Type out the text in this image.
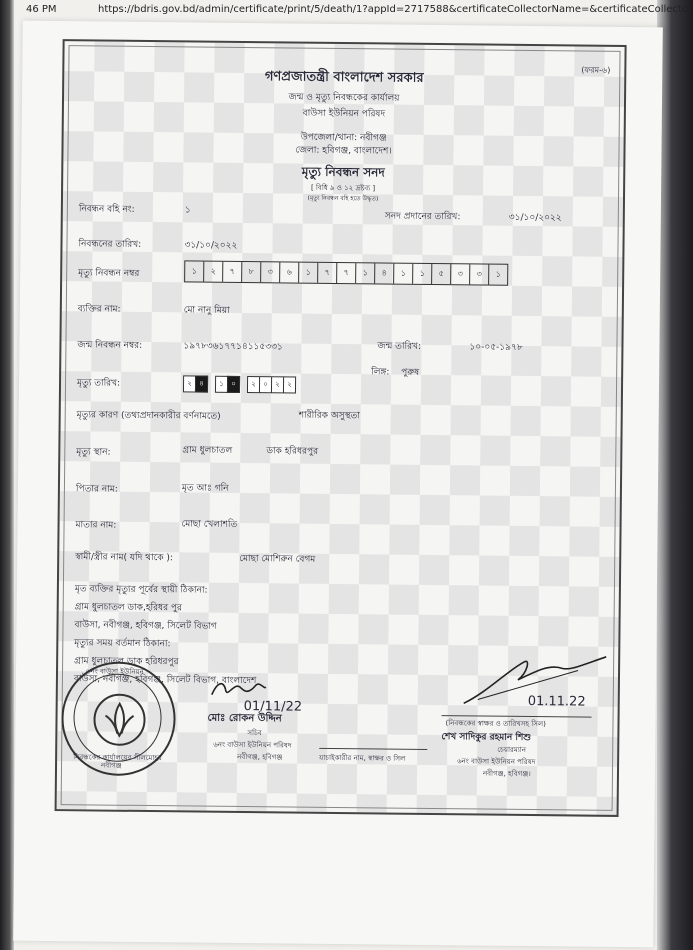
46 PM	https://bdris.gov.bd/admin/certificate/print/5/death/1?appId=2717588&certificateCollectorName=&certificateCollector
(ফরম-৬)
গণপ্রজাতন্ত্রী বাংলাদেশ সরকার
জন্ম ও মৃত্যু নিবন্ধকের কার্যালয়
বাউসা ইউনিয়ন পরিষদ
উপজেলা/থানা: নবীগঞ্জ
জেলা: হবিগঞ্জ, বাংলাদেশ।
মৃত্যু নিবন্ধন সনদ
[ বিধি ৯ ও ১২ দ্রষ্টব্য ]
(মৃত্যু নিবন্ধন বহি হতে উদ্ধৃত)
নিবন্ধন বহি নং:	১
সনদ প্রদানের তারিখ:	৩১/১০/২০২২
নিবন্ধনের তারিখ:	৩১/১০/২০২২
মৃত্যু নিবন্ধন নম্বর	১	২	৭	৮	৩	৬	১	৭	৭	১	৪	১	১	৫	৩	৩	১
ব্যক্তির নাম:	মো নানু মিয়া
জন্ম নিবন্ধন নম্বর:	১৯৭৮৩৬১৭৭১৪১১৫৩৩১	জন্ম তারিখ:	১০-০৫-১৯৭৮
মৃত্যু তারিখ:	২	৪	১	০	২	০	২	২
লিঙ্গ: পুরুষ
মৃত্যুর কারণ (তথ্যপ্রদানকারীর বর্ণনামতে)	শারীরিক অসুস্থতা
মৃত্যু স্থান:	গ্রাম ধুলচাতল	ডাক হরিধরপুর
পিতার নাম:	মৃত আঃ গনি
মাতার নাম:	মোছা খেলাশতি
স্বামী/স্ত্রীর নাম( যদি থাকে ):	মোছা মোশিরুন বেগম
মৃত ব্যক্তির মৃত্যুর পূর্বের স্থায়ী ঠিকানা:
গ্রাম ধুলচাতল ডাক,হরিধর পুর
বাউসা, নবীগঞ্জ, হবিগঞ্জ, সিলেট বিভাগ
মৃত্যুর সময় বর্তমান ঠিকানা:
গ্রাম ধুলচাতল ডাক হরিধরপুর
বাউসা, নবীগঞ্জ, হবিগঞ্জ, সিলেট বিভাগ, বাংলাদেশ
৬নং বাউসা ইউনিয়ন
নবীগঞ্জ
01/11/22
মোঃ রোকন উদ্দিন
সচিব
৬নং বাউসা ইউনিয়ন পরিষদ
নবীগঞ্জ, হবিগঞ্জ
নিবন্ধকের কার্যালয়ের সীলমোহর	যাচাইকারীর নাম, স্বাক্ষর ও সিল
01.11.22
(নিবন্ধকের স্বাক্ষর ও তারিখসহ সিল)
শেখ সাদিকুর রহমান শিশু
চেয়ারম্যান
৬নং বাউসা ইউনিয়ন পরিষদ
নবীগঞ্জ, হবিগঞ্জ।
